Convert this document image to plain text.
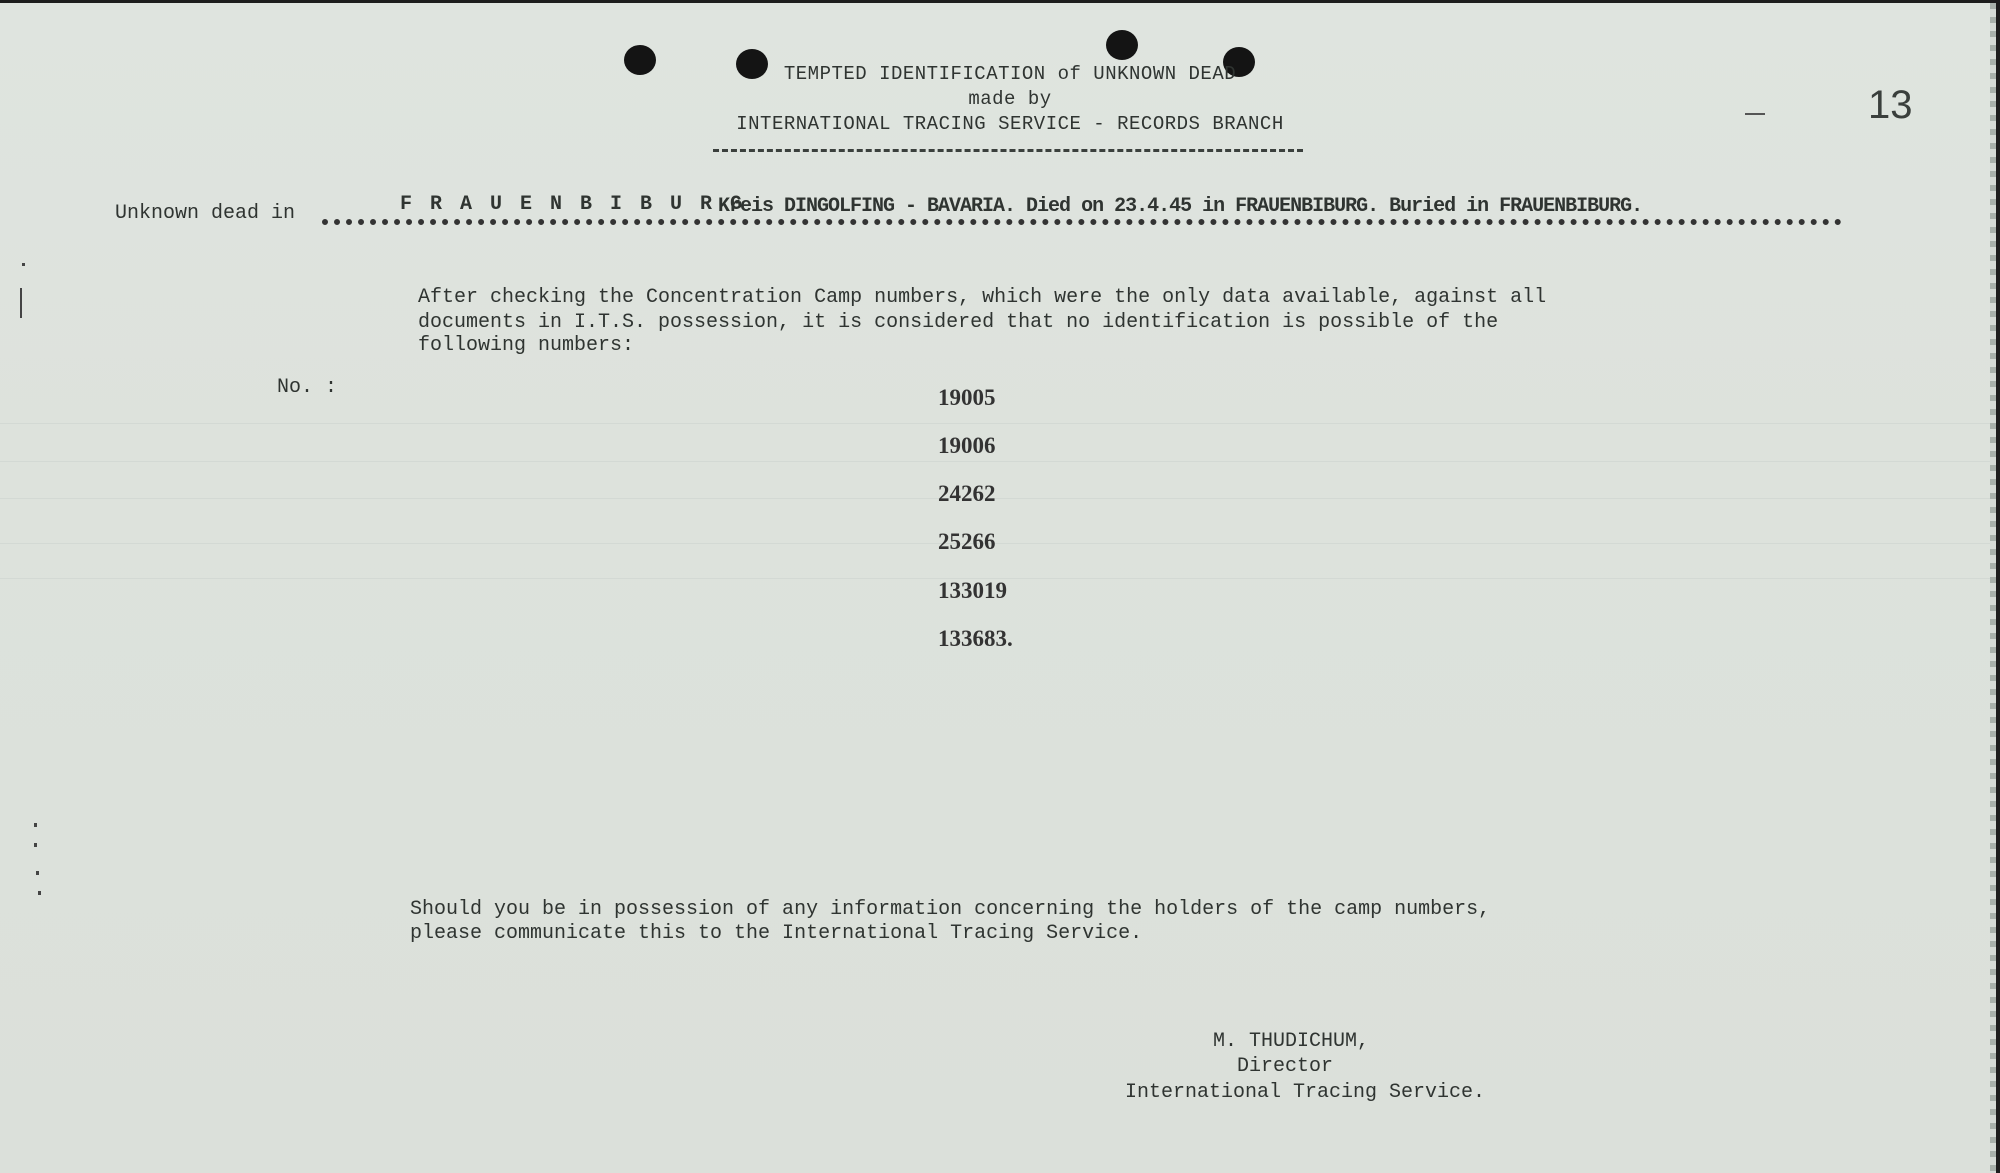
TEMPTED IDENTIFICATION of UNKNOWN DEAD
made by
INTERNATIONAL TRACING SERVICE - RECORDS BRANCH	13
Unknown dead in	F R A U E N B I B U R G
Kreis DINGOLFING - BAVARIA. Died on 23.4.45 in FRAUENBIBURG. Buried in FRAUENBIBURG.
After checking the Concentration Camp numbers, which were the only data available, against all
documents in I.T.S. possession, it is considered that no identification is possible of the
following numbers:
No. :	19005
19006
24262
25266
133019
133683.
Should you be in possession of any information concerning the holders of the camp numbers,
please communicate this to the International Tracing Service.
M. THUDICHUM,
Director
International Tracing Service.
